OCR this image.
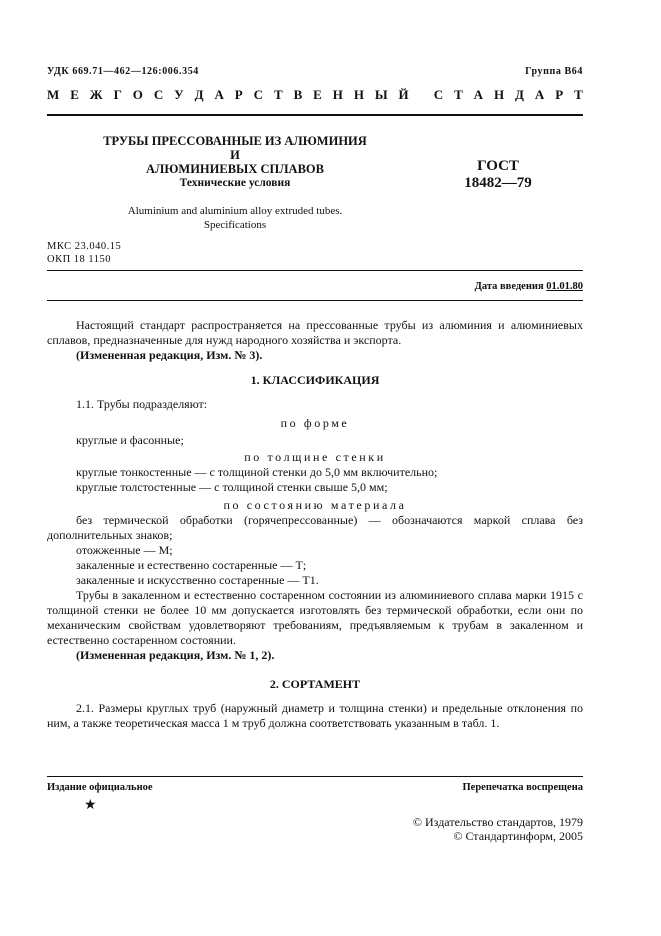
УДК 669.71—462—126:006.354	Группа В64
М Е Ж Г О С У Д А Р С Т В Е Н Н Ы Й
С Т А Н Д А Р Т
ТРУБЫ ПРЕССОВАННЫЕ ИЗ АЛЮМИНИЯ И
АЛЮМИНИЕВЫХ СПЛАВОВ	ГОСТ
18482—79
Технические условия
Aluminium and aluminium alloy extruded tubes.
Specifications
МКС 23.040.15
ОКП 18 1150
Дата введения 01.01.80

Настоящий стандарт распространяется на прессованные трубы из алюминия и алюминиевых сплавов, предназначенные для нужд народного хозяйства и экспорта.

(Измененная редакция, Изм. № 3).

1. КЛАССИФИКАЦИЯ

1.1. Трубы подразделяют:

по форме

круглые и фасонные;

по толщине стенки

круглые тонкостенные — с толщиной стенки до 5,0 мм включительно;

круглые толстостенные — с толщиной стенки свыше 5,0 мм;

по состоянию материала

без термической обработки (горячепрессованные) — обозначаются маркой сплава без дополнительных знаков;

отожженные — М;

закаленные и естественно состаренные — Т;

закаленные и искусственно состаренные — Т1.

Трубы в закаленном и естественно состаренном состоянии из алюминиевого сплава марки 1915 с толщиной стенки не более 10 мм допускается изготовлять без термической обработки, если они по механическим свойствам удовлетворяют требованиям, предъявляемым к трубам в закаленном и естественно состаренном состоянии.

(Измененная редакция, Изм. № 1, 2).

2. СОРТАМЕНТ

2.1. Размеры круглых труб (наружный диаметр и толщина стенки) и предельные отклонения по ним, а также теоретическая масса 1 м труб должна соответствовать указанным в табл. 1.

Издание официальное	Перепечатка воспрещена
★
© Издательство стандартов, 1979
© Стандартинформ, 2005
